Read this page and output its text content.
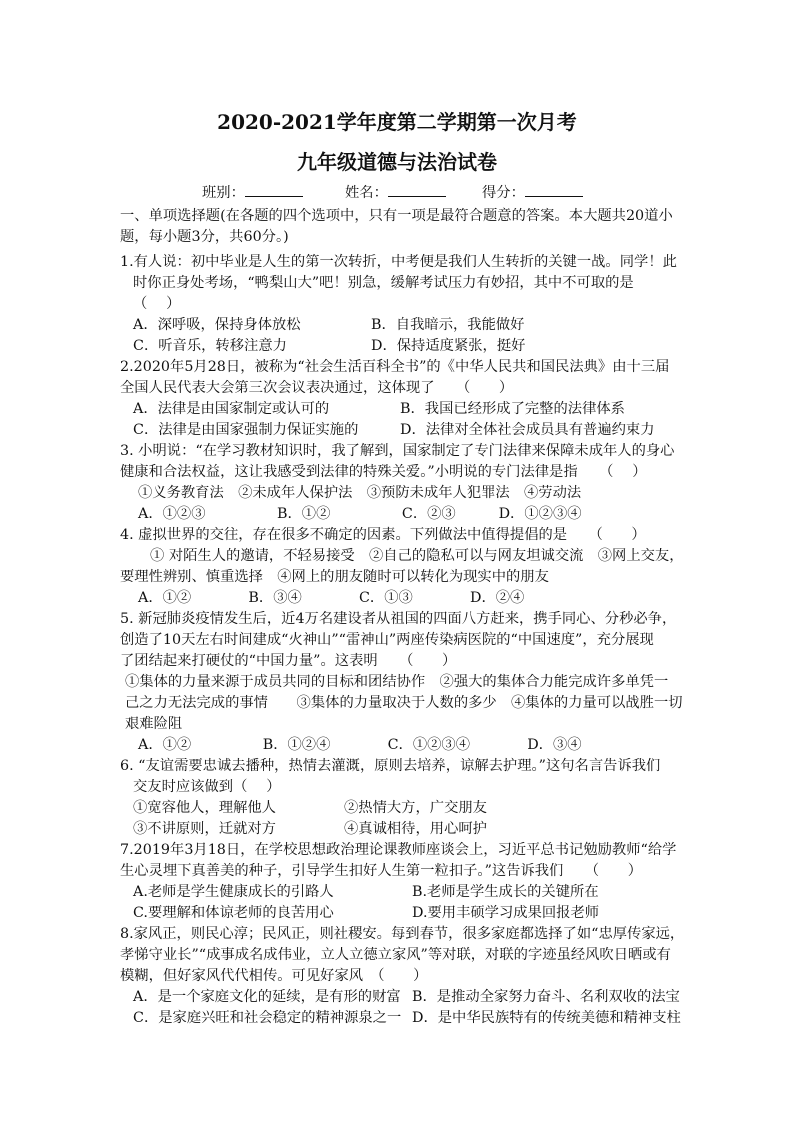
2020-2021学年度第二学期第一次月考
九年级道德与法治试卷
班别：	姓名：	得分：
一、单项选择题(在各题的四个选项中，只有一项是最符合题意的答案。本大题共20道小
题，每小题3分，共60分。)
1.有人说：初中毕业是人生的第一次转折，中考便是我们人生转折的关键一战。同学！此
时你正身处考场，“鸭梨山大”吧！别急，缓解考试压力有妙招，其中不可取的是
（　 ）
A．深呼吸，保持身体放松	B．自我暗示，我能做好
C．听音乐，转移注意力	D．保持适度紧张，挺好
2.2020年5月28日，被称为“社会生活百科全书”的《中华人民共和国民法典》由十三届
全国人民代表大会第三次会议表决通过，这体现了　　（　　）
A．法律是由国家制定或认可的	B．我国已经形成了完整的法律体系
C．法律是由国家强制力保证实施的	D．法律对全体社会成员具有普遍约束力
3. 小明说：“在学习教材知识时，我了解到，国家制定了专门法律来保障未成年人的身心
健康和合法权益，这让我感受到法律的特殊关爱。”小明说的专门法律是指　　（　 ）
①义务教育法　②未成年人保护法　③预防未成年人犯罪法　④劳动法
A．①②③　　　　　B．①②　　　　　C．②③　　　D．①②③④
4. 虚拟世界的交往，存在很多不确定的因素。下列做法中值得提倡的是　　（　　）
① 对陌生人的邀请，不轻易接受　②自己的隐私可以与网友坦诚交流　③网上交友，
要理性辨别、慎重选择　④网上的朋友随时可以转化为现实中的朋友
A．①②　　　　B．③④　　　　C．①③　　　　D．②④
5. 新冠肺炎疫情发生后，近4万名建设者从祖国的四面八方赶来，携手同心、分秒必争，
创造了10天左右时间建成“火神山”“雷神山”两座传染病医院的“中国速度”，充分展现
了团结起来打硬仗的“中国力量”。这表明　　（　　）
①集体的力量来源于成员共同的目标和团结协作　②强大的集体合力能完成许多单凭一
己之力无法完成的事情　　③集体的力量取决于人数的多少　④集体的力量可以战胜一切
艰难险阻
A．①②　　　　　B．①②④　　　　C．①②③④　　　　D．③④
6. “友谊需要忠诚去播种，热情去灌溉，原则去培养，谅解去护理。”这句名言告诉我们
交友时应该做到（　 ）
①宽容他人，理解他人	②热情大方，广交朋友
③不讲原则，迁就对方	④真诚相待，用心呵护
7.2019年3月18日，在学校思想政治理论课教师座谈会上，习近平总书记勉励教师“给学
生心灵埋下真善美的种子，引导学生扣好人生第一粒扣子。”这告诉我们　　（　　）
A.老师是学生健康成长的引路人	B.老师是学生成长的关键所在
C.要理解和体谅老师的良苦用心	D.要用丰硕学习成果回报老师
8.家风正，则民心淳；民风正，则社稷安。每到春节，很多家庭都选择了如“忠厚传家远，
孝悌守业长”“成事成名成伟业，立人立德立家风”等对联，对联的字迹虽经风吹日晒或有
模糊，但好家风代代相传。可见好家风　（　　）
A．是一个家庭文化的延续，是有形的财富 B．是推动全家努力奋斗、名利双收的法宝
C．是家庭兴旺和社会稳定的精神源泉之一 D．是中华民族特有的传统美德和精神支柱
